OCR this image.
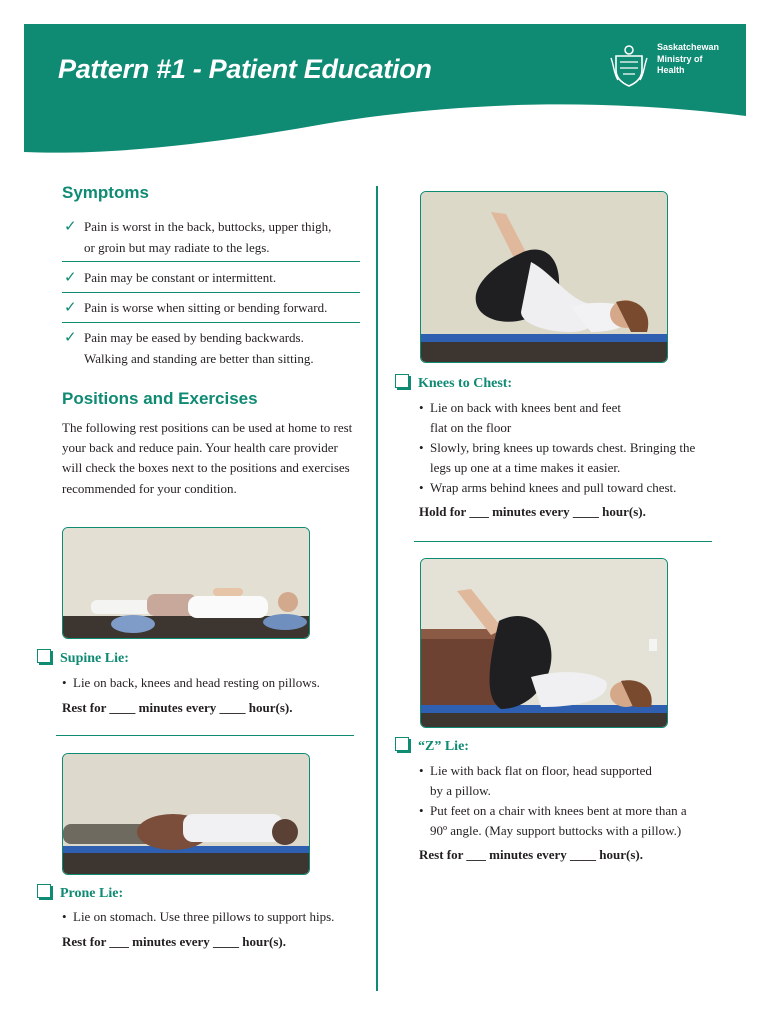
Pattern #1 - Patient Education
Saskatchewan
Ministry of
Health
Symptoms
✓ Pain is worst in the back, buttocks, upper thigh,
or groin but may radiate to the legs.
✓ Pain may be constant or intermittent.
✓ Pain is worse when sitting or bending forward.
✓ Pain may be eased by bending backwards.
Walking and standing are better than sitting.
Positions and Exercises
The following rest positions can be used at home to rest
your back and reduce pain. Your health care provider
will check the boxes next to the positions and exercises
recommended for your condition.
Supine Lie:
• Lie on back, knees and head resting on pillows.
Rest for ____ minutes every ____ hour(s).
Prone Lie:
• Lie on stomach. Use three pillows to support hips.
Rest for ___ minutes every ____ hour(s).
Knees to Chest:
• Lie on back with knees bent and feet
flat on the floor
• Slowly, bring knees up towards chest. Bringing the
legs up one at a time makes it easier.
• Wrap arms behind knees and pull toward chest.
Hold for ___ minutes every ____ hour(s).
“Z” Lie:
• Lie with back flat on floor, head supported
by a pillow.
• Put feet on a chair with knees bent at more than a
90º angle. (May support buttocks with a pillow.)
Rest for ___ minutes every ____ hour(s).
